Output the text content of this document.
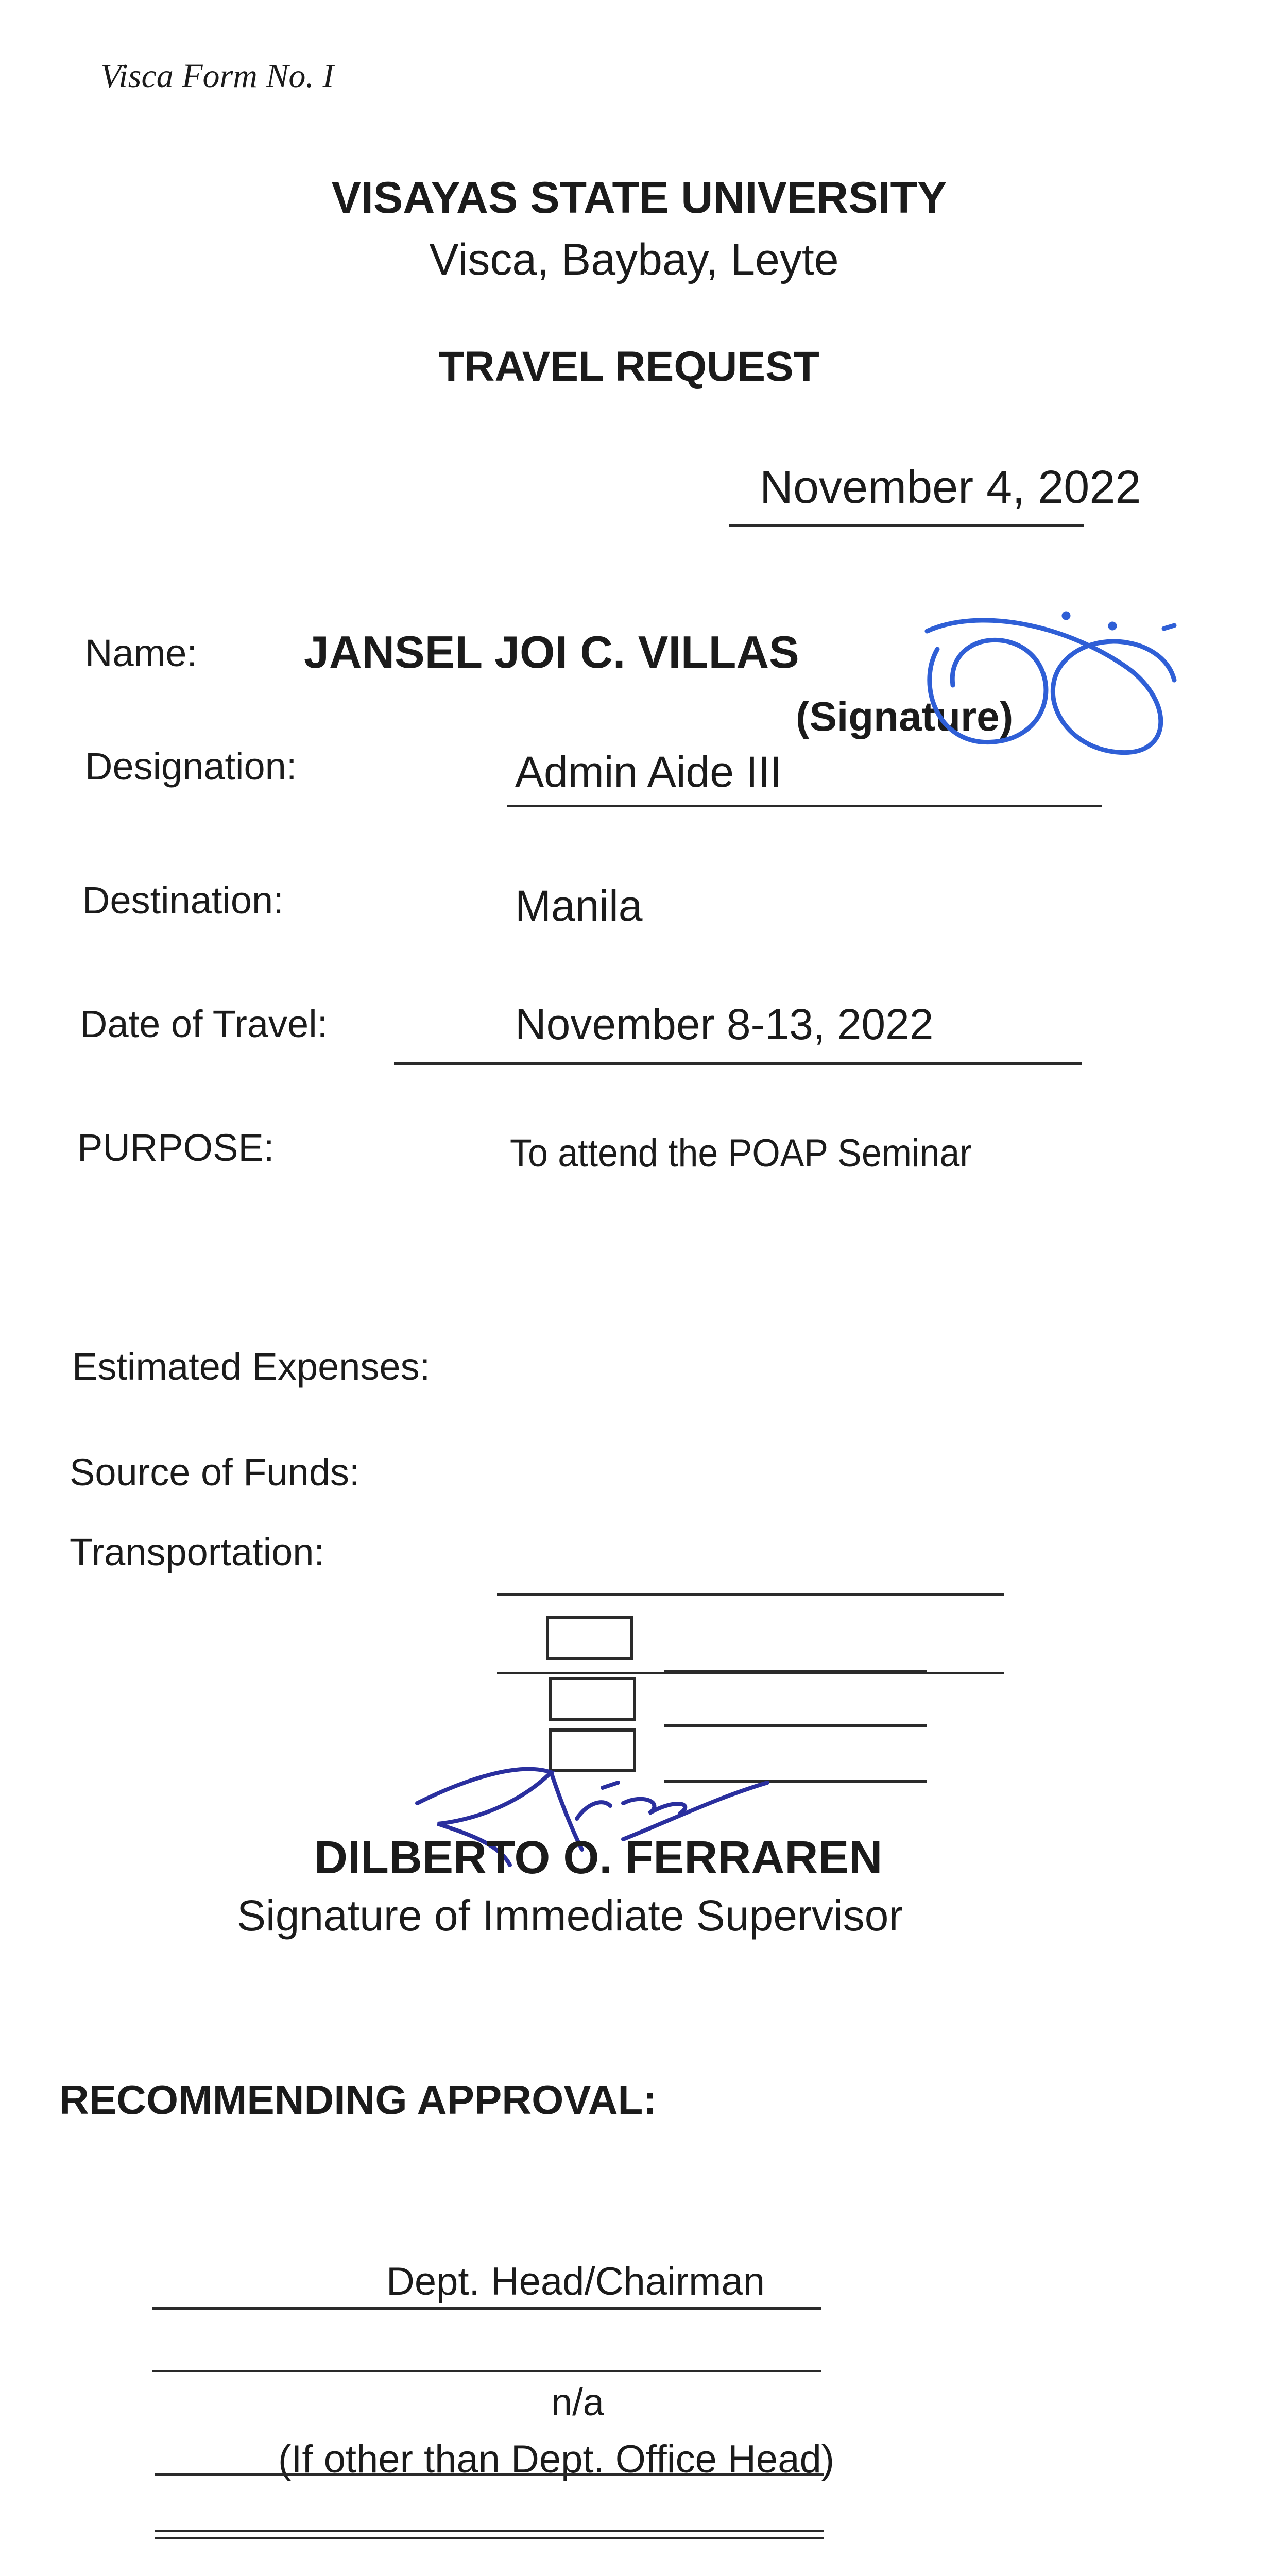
Visca Form No. I
VISAYAS STATE UNIVERSITY
Visca, Baybay, Leyte
TRAVEL REQUEST
November 4, 2022
Name: JANSEL JOI C. VILLAS
(Signature)
Designation:	Admin Aide III
Destination:	Manila
Date of Travel:	November 8-13, 2022
PURPOSE:	To attend the POAP Seminar
Estimated Expenses:
Source of Funds:
Transportation:
DILBERTO O. FERRAREN
Signature of Immediate Supervisor
RECOMMENDING APPROVAL:
Dept. Head/Chairman
n/a
(If other than Dept. Office Head)
